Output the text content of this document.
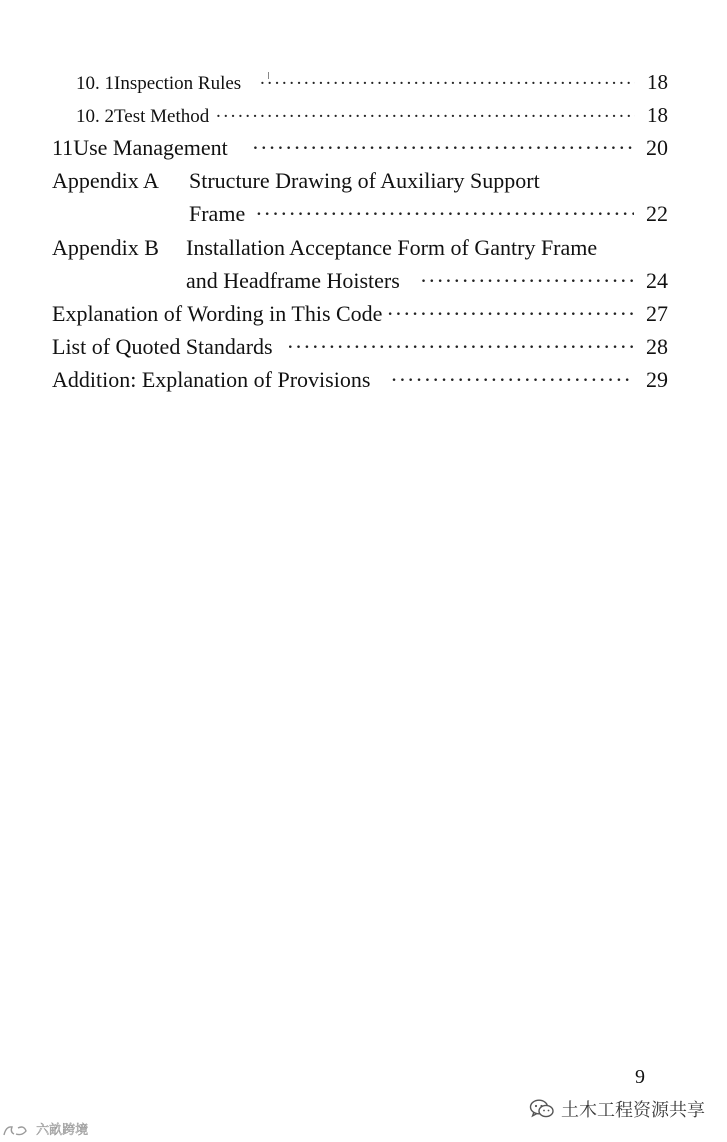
10. 1 Inspection Rules ·····	18
10. 2 Test Method ·····	18
11 Use Management ·····	20
Appendix A Structure Drawing of Auxiliary Support
Frame ·····	22
Appendix B Installation Acceptance Form of Gantry Frame
and Headframe Hoisters ·····	24
Explanation of Wording in This Code ·····	27
List of Quoted Standards ·····	28
Addition: Explanation of Provisions ·····	29
9
土木工程资源共享
六畝跨境
